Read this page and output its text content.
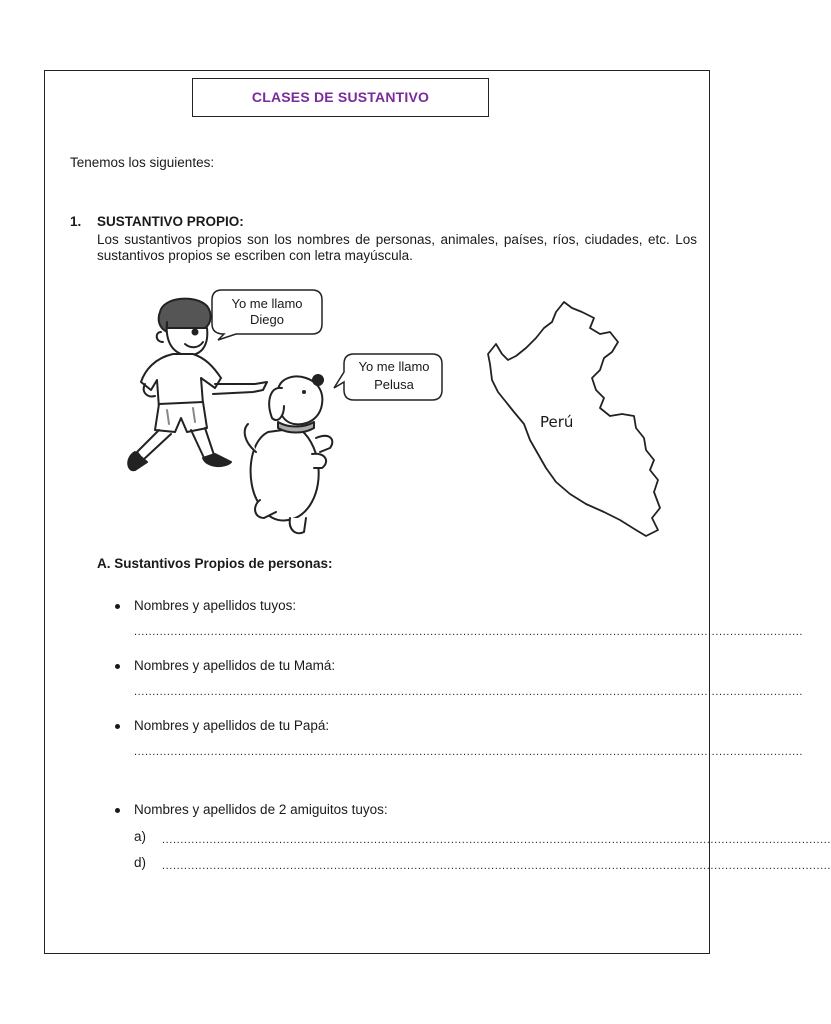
CLASES DE SUSTANTIVO
Tenemos los siguientes:
1. SUSTANTIVO PROPIO:
Los sustantivos propios son los nombres de personas, animales, países, ríos, ciudades, etc. Los sustantivos propios se escriben con letra mayúscula.
Yo me llamo
Diego
Yo me llamo
Pelusa
Perú
A. Sustantivos Propios de personas:
Nombres y apellidos tuyos:
.......................................................................................................................................................................................
Nombres y apellidos de tu Mamá:
.......................................................................................................................................................................................
Nombres y apellidos de tu Papá:
.......................................................................................................................................................................................
Nombres y apellidos de 2 amiguitos tuyos:
a) .......................................................................................................................................................................................
d) .......................................................................................................................................................................................
